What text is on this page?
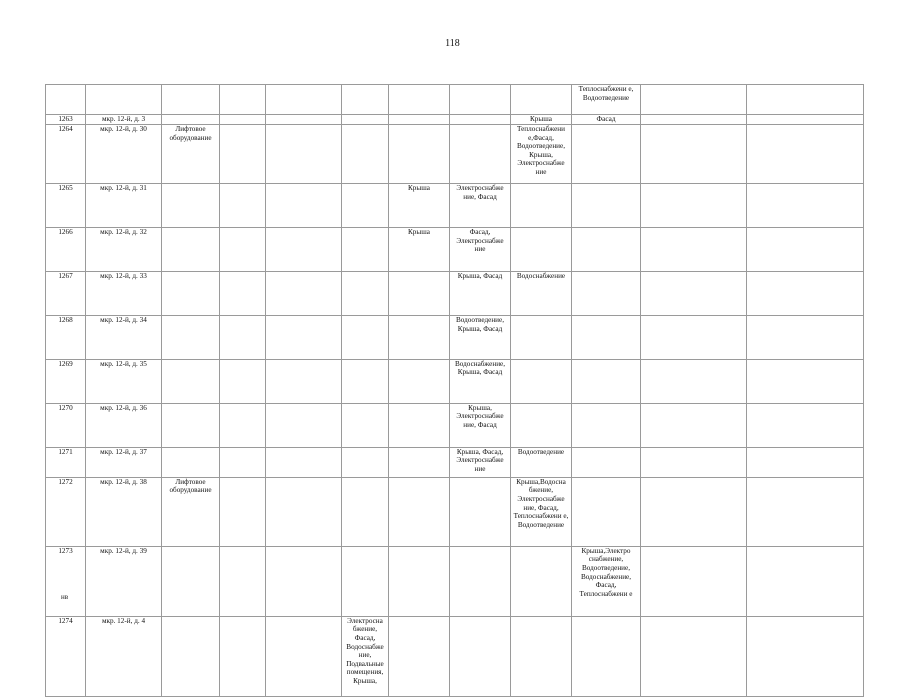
118
									Теплоснабжени е, Водоотведение				
1263	мкр. 12-й, д. 3							Крыша	Фасад				
1264	мкр. 12-й, д. 30	Лифтовое оборудование						Теплоснабжени е,Фасад, Водоотведение, Крыша, Электроснабже ние					
1265	мкр. 12-й, д. 31					Крыша	Электроснабже ние, Фасад						
1266	мкр. 12-й, д. 32					Крыша	Фасад, Электроснабже ние						
1267	мкр. 12-й, д. 33						Крыша, Фасад	Водоснабжение					
1268	мкр. 12-й, д. 34						Водоотведение, Крыша, Фасад						
1269	мкр. 12-й, д. 35						Водоснабжение, Крыша, Фасад						
1270	мкр. 12-й, д. 36						Крыша, Электроснабже ние, Фасад						
1271	мкр. 12-й, д. 37						Крыша, Фасад, Электроснабже ние	Водоотведение					
1272	мкр. 12-й, д. 38	Лифтовое оборудование						Крыша,Водосна бжение, Электроснабже ние, Фасад, Теплоснабжени е, Водоотведение					
1273	мкр. 12-й, д. 39								Крыша,Электро снабжение, Водоотведение, Водоснабжение, Фасад, Теплоснабжени е				
1274	мкр. 12-й, д. 4				Электросна бжение, Фасад, Водоснабже ние, Подвальные помещения, Крыша,								
нв
